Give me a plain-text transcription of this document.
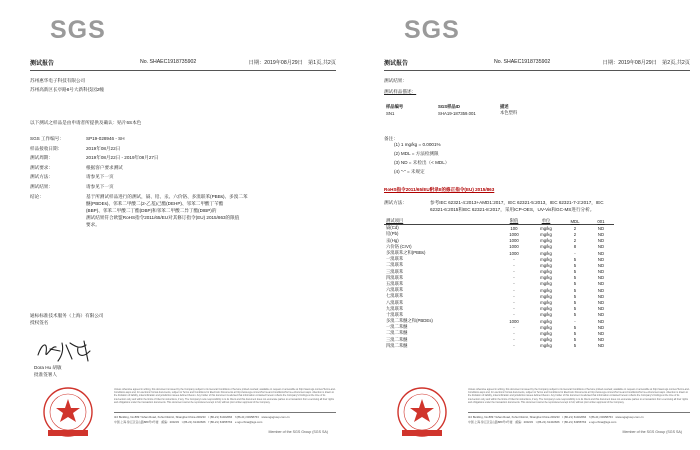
SGS
测试报告	No. SHAEC1918735902	日期：2019年08月29日　第1页,共2页
苏州惠华电子科技有限公司
苏州高新区长亭路8号大新科技园2幢
以下测试之样品是由申请者所提供及确认：贴片6S本色
SGS 工作编号：	SP19-028946 - SH
样品接收日期：	2019年08月22日
测试周期：	2019年08月22日 - 2019年08月27日
测试要求：	根据客户要求测试
测试方法：	请参见下一页
测试结果：	请参见下一页
结论：	基于所测试样品进行的测试，镉、铅、汞、六价铬、多溴联苯(PBBs)、多溴二苯
醚(PBDEs)、邻苯二甲酸二(2-乙基)己酯(DEHP)、邻苯二甲酸丁苄酯
(BBP)、邻苯二甲酸二丁酯(DBP)和邻苯二甲酸二异丁酯(DIBP)的
测试结果符合欧盟RoHS指令2011/65/EU对其修订指令(EU) 2015/863的限值
要求。
通标标准技术服务（上海）有限公司
授权签名
Dora Hu 胡敏
批准签署人
Unless otherwise agreed in writing, this document is issued by the Company subject to its General Conditions of Service printed overleaf, available on request or accessible at http://www.sgs.com/en/Terms-and-Conditions.aspx and, for electronic format documents, subject to Terms and Conditions for Electronic Documents at http://www.sgs.com/en/Terms-and-Conditions/Terms-e-Document.aspx. Attention is drawn to the limitation of liability, indemnification and jurisdiction issues defined therein. Any holder of this document is advised that information contained hereon reflects the Company's findings at the time of its intervention only and within the limits of Client's instructions, if any. The Company's sole responsibility is to its Client and this document does not exonerate parties to a transaction from exercising all their rights and obligations under the transaction documents. This document cannot be reproduced except in full, without prior written approval of the Company.
3rd Building, No.889 Yishan Road, Xuhui District, Shanghai China 200233　t (86-21) 61402666　f (86-21) 64958763　www.sgsgroup.com.cn
中国·上海·徐汇区宜山路889号3号楼　邮编：200233　t (86-21) 61402666　f (86-21) 64958763　e sgs.china@sgs.com
Member of the SGS Group (SGS SA)
SGS
测试报告	No. SHAEC1918735902	日期：2019年08月29日　第2页,共2页
测试结果：
测试样品描述：
样品编号	SGS样品ID	描述
SN1	SHA19-187359.001	本色塑料
备注：
(1) 1 mg/kg = 0.0001%
(2) MDL = 方法检测限
(3) ND = 未检出（< MDL）
(4) "-" = 未规定
RoHS指令2011/65/EU附录II的修正指令(EU) 2015/863
测试方法：	参考IEC 62321-4:2013+AMD1:2017，IEC 62321-5:2013，IEC 62321-7-2:2017，IEC
62321-6:2015和IEC 62321-8:2017，采用ICP-OES，UV-Vis和GC-MS进行分析。
测试项目	限值	单位	MDL	001
镉(Cd)	100	mg/kg	2	ND
铅(Pb)	1000	mg/kg	2	ND
汞(Hg)	1000	mg/kg	2	ND
六价铬 (CrVI)	1000	mg/kg	8	ND
多溴联苯之和(PBBs)	1000	mg/kg	-	ND
一溴联苯	-	mg/kg	5	ND
二溴联苯	-	mg/kg	5	ND
三溴联苯	-	mg/kg	5	ND
四溴联苯	-	mg/kg	5	ND
五溴联苯	-	mg/kg	5	ND
六溴联苯	-	mg/kg	5	ND
七溴联苯	-	mg/kg	5	ND
八溴联苯	-	mg/kg	5	ND
九溴联苯	-	mg/kg	5	ND
十溴联苯	-	mg/kg	5	ND
多溴二苯醚之和(PBDEs)	1000	mg/kg	-	ND
一溴二苯醚	-	mg/kg	5	ND
二溴二苯醚	-	mg/kg	5	ND
三溴二苯醚	-	mg/kg	5	ND
四溴二苯醚	-	mg/kg	5	ND
Unless otherwise agreed in writing, this document is issued by the Company subject to its General Conditions of Service printed overleaf, available on request or accessible at http://www.sgs.com/en/Terms-and-Conditions.aspx and, for electronic format documents, subject to Terms and Conditions for Electronic Documents at http://www.sgs.com/en/Terms-and-Conditions/Terms-e-Document.aspx. Attention is drawn to the limitation of liability, indemnification and jurisdiction issues defined therein. Any holder of this document is advised that information contained hereon reflects the Company's findings at the time of its intervention only and within the limits of Client's instructions, if any. The Company's sole responsibility is to its Client and this document does not exonerate parties to a transaction from exercising all their rights and obligations under the transaction documents. This document cannot be reproduced except in full, without prior written approval of the Company.
3rd Building, No.889 Yishan Road, Xuhui District, Shanghai China 200233　t (86-21) 61402666　f (86-21) 64958763　www.sgsgroup.com.cn
中国·上海·徐汇区宜山路889号3号楼　邮编：200233　t (86-21) 61402666　f (86-21) 64958763　e sgs.china@sgs.com
Member of the SGS Group (SGS SA)
